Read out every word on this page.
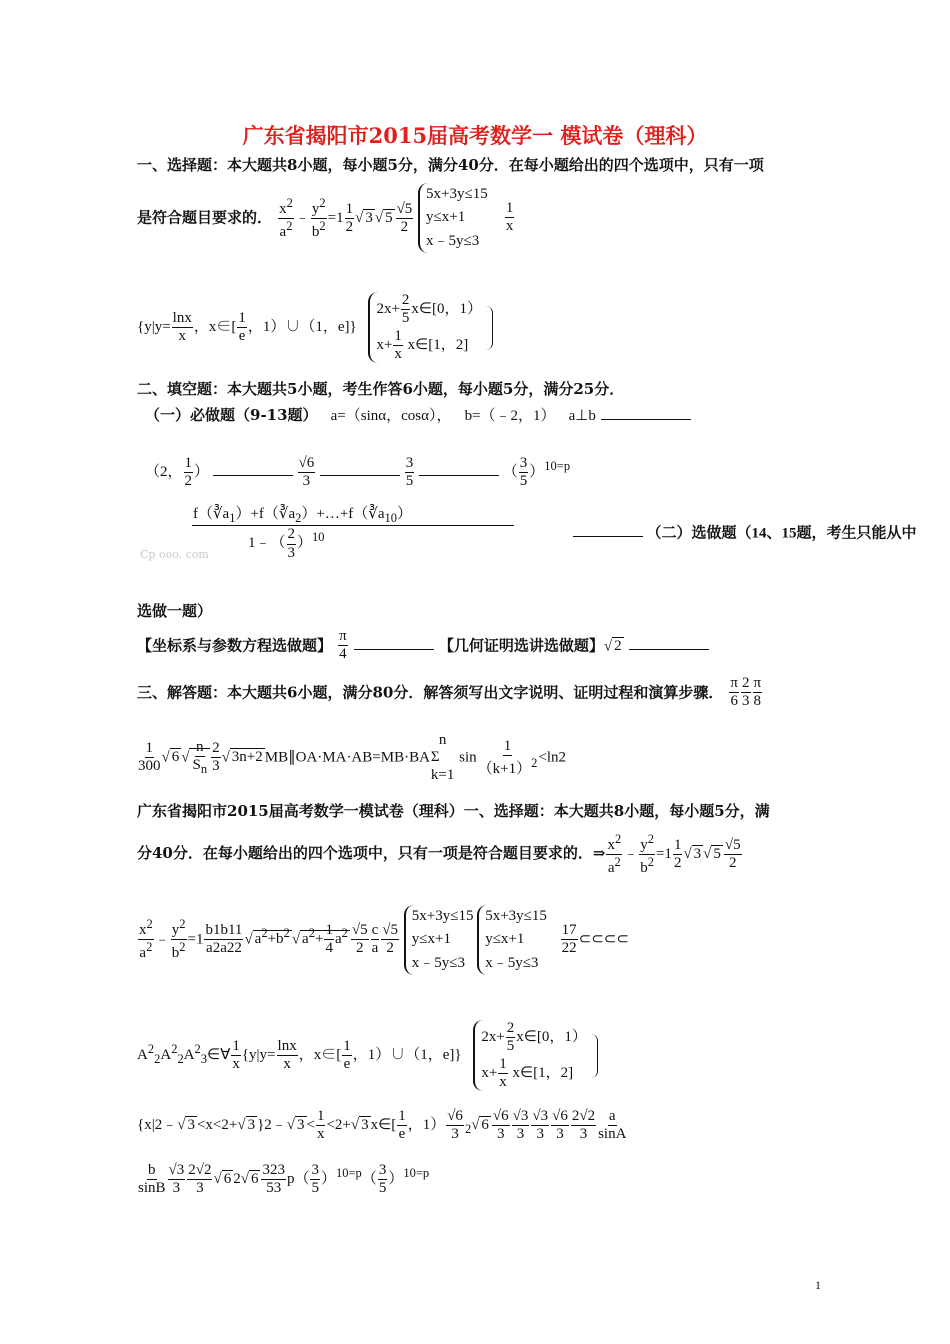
广东省揭阳市2015届高考数学一 模试卷（理科）
一、选择题：本大题共8小题，每小题5分，满分40分．在每小题给出的四个选项中，只有一项
是符合题目要求的． $\frac{x^2}{a^2}$ ﹣ $\frac{y^2}{b^2} =1 \frac{1}{2}$ √ 3 √ $5 \frac{√5}{2}$
5x+3y≤15
y≤x+1
x﹣5y≤3
$\frac{1}{x}$
{$y|y= \frac{\ln x}{x}$ ，x∈[ $\frac{1}{e}$ ，1）∪（1，e]} $2x+ \frac{2}{5}$ x∈[0，1）
$x+ \frac{1}{x}$ x∈[1，2]
二、填空题：本大题共5小题，考生作答6小题，每小题5分，满分25分．
（一）必做题（9-13题） a=（sinα，cosα）， b=（﹣2，1） a⊥b
（2， $\frac{1}{2}$ ）	$\frac{√6}{3}$
	$\frac{3}{5}$	（ $\frac{3}{5} )^{10=p}$
$\frac{f(∛a_1)+f(∛a_2)+\dots+f(∛a_{10})}{1﹣( \frac{2}{3} )^{10}}$	（二）选做题（14、15题，考生只能从中
Cp ooo. com
选做一题）
【坐标系与参数方程选做题】 $\frac{\pi}{4}$	【几何证明选讲选做题】√ 2
三、解答题：本大题共6小题，满分80分．解答须写出文字说明、证明过程和演算步骤． $\frac{\pi}{6} \frac{2}{3} \frac{\pi}{8}$
$\frac{1}{300}$ √ 6 √ $\frac{n}{S_n} \frac{2}{3}$ √ 3n+2 MB∥OA·MA·AB=MB·BA
n
Σ
k=1
$\sin \frac{1}{(k+1)^2} <\ln 2$
广东省揭阳市2015届高考数学一模试卷（理科）一、选择题：本大题共8小题，每小题5分，满
分40分．在每小题给出的四个选项中，只有一项是符合题目要求的．⇒ $\frac{x^2}{a^2}$ ﹣ $\frac{y^2}{b^2} =1 \frac{1}{2}$ √ 3 √ $5 \frac{√5}{2}$
$\frac{x^2}{a^2}$ ﹣ $\frac{y^2}{b^2} =1 \frac{b1b11}{a2a22}$ √ $a^2+b^2$ √ $a^2+ \frac{1}{4} a^2 \frac{√5}{2} \frac{c}{a} \frac{√5}{2}$
5x+3y≤15
y≤x+1
x﹣5y≤3 5x+3y≤15
y≤x+1
x﹣5y≤3
$\frac{17}{22}$ ⊂⊂⊂⊂
$A^2_2A^2_2A^2_3\in\forall \frac{1}{x} \{y|y= \frac{\ln x}{x}$ ，x∈[ $\frac{1}{e}$ ，1）∪（1，e]} $2x+ \frac{2}{5}$ x∈[0，1）
$x+ \frac{1}{x}$ x∈[1，2]
{x|2﹣√ 3 <x<2+√ 3 }2﹣√ $3 < \frac{1}{x} <2+√$ 3 x∈[ $\frac{1}{e}$ ，$1) \frac{√6}{3} _2√$ $6 \frac{√6}{3} \frac{√3}{3} \frac{√3}{3} \frac{√6}{3} \frac{2√2}{3} \frac{a}{\sin A}$
$\frac{b}{\sin B} \frac{√3}{3} \frac{2√2}{3}$ √ 6 2√ $6 \frac{323}{53} p( \frac{3}{5} )^{10=p}( \frac{3}{5} )^{10=p}$
1
